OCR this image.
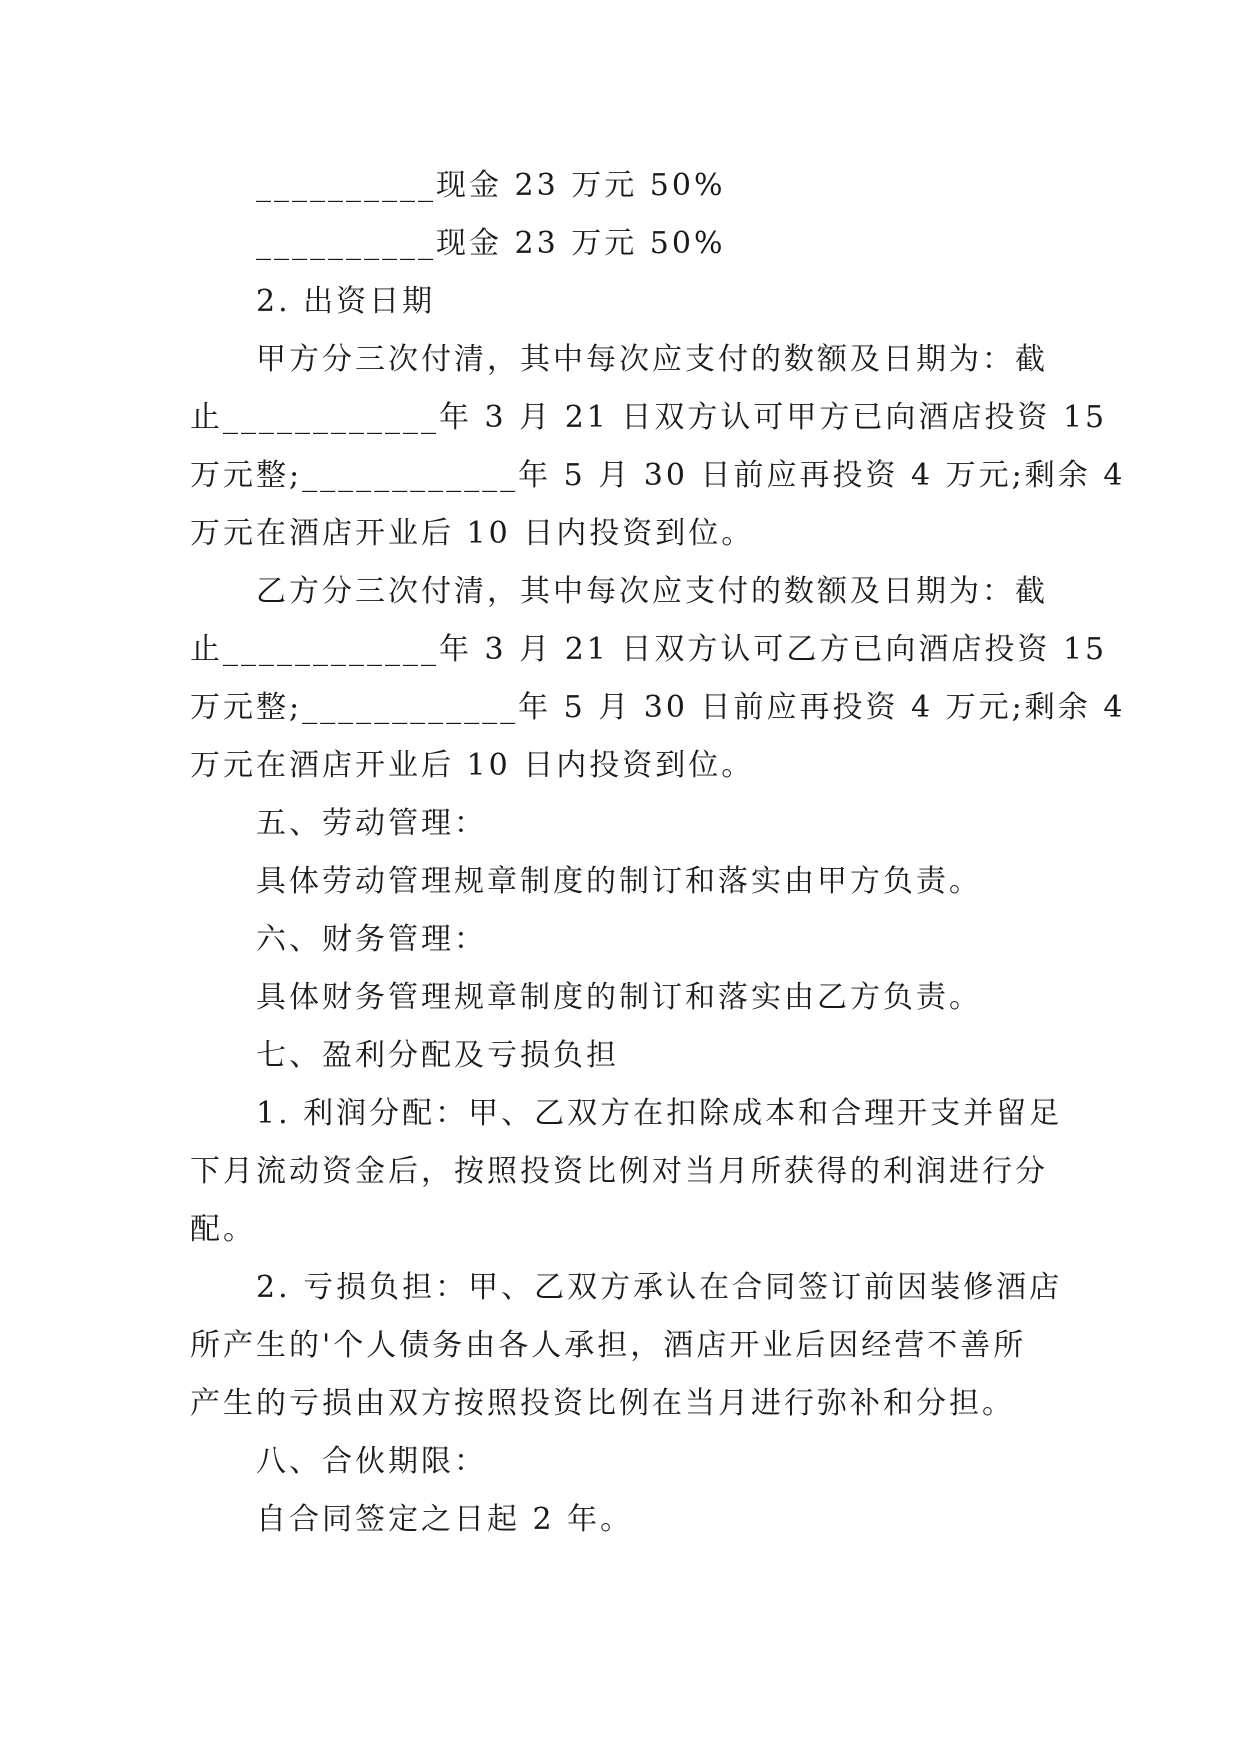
__________现金 23 万元 50%
__________现金 23 万元 50%
2. 出资日期
甲方分三次付清，其中每次应支付的数额及日期为：截
止____________年 3 月 21 日双方认可甲方已向酒店投资 15
万元整;____________年 5 月 30 日前应再投资 4 万元;剩余 4
万元在酒店开业后 10 日内投资到位。
乙方分三次付清，其中每次应支付的数额及日期为：截
止____________年 3 月 21 日双方认可乙方已向酒店投资 15
万元整;____________年 5 月 30 日前应再投资 4 万元;剩余 4
万元在酒店开业后 10 日内投资到位。
五、劳动管理：
具体劳动管理规章制度的制订和落实由甲方负责。
六、财务管理：
具体财务管理规章制度的制订和落实由乙方负责。
七、盈利分配及亏损负担
1. 利润分配：甲、乙双方在扣除成本和合理开支并留足
下月流动资金后，按照投资比例对当月所获得的利润进行分
配。
2. 亏损负担：甲、乙双方承认在合同签订前因装修酒店
所产生的'个人债务由各人承担，酒店开业后因经营不善所
产生的亏损由双方按照投资比例在当月进行弥补和分担。
八、合伙期限：
自合同签定之日起 2 年。
